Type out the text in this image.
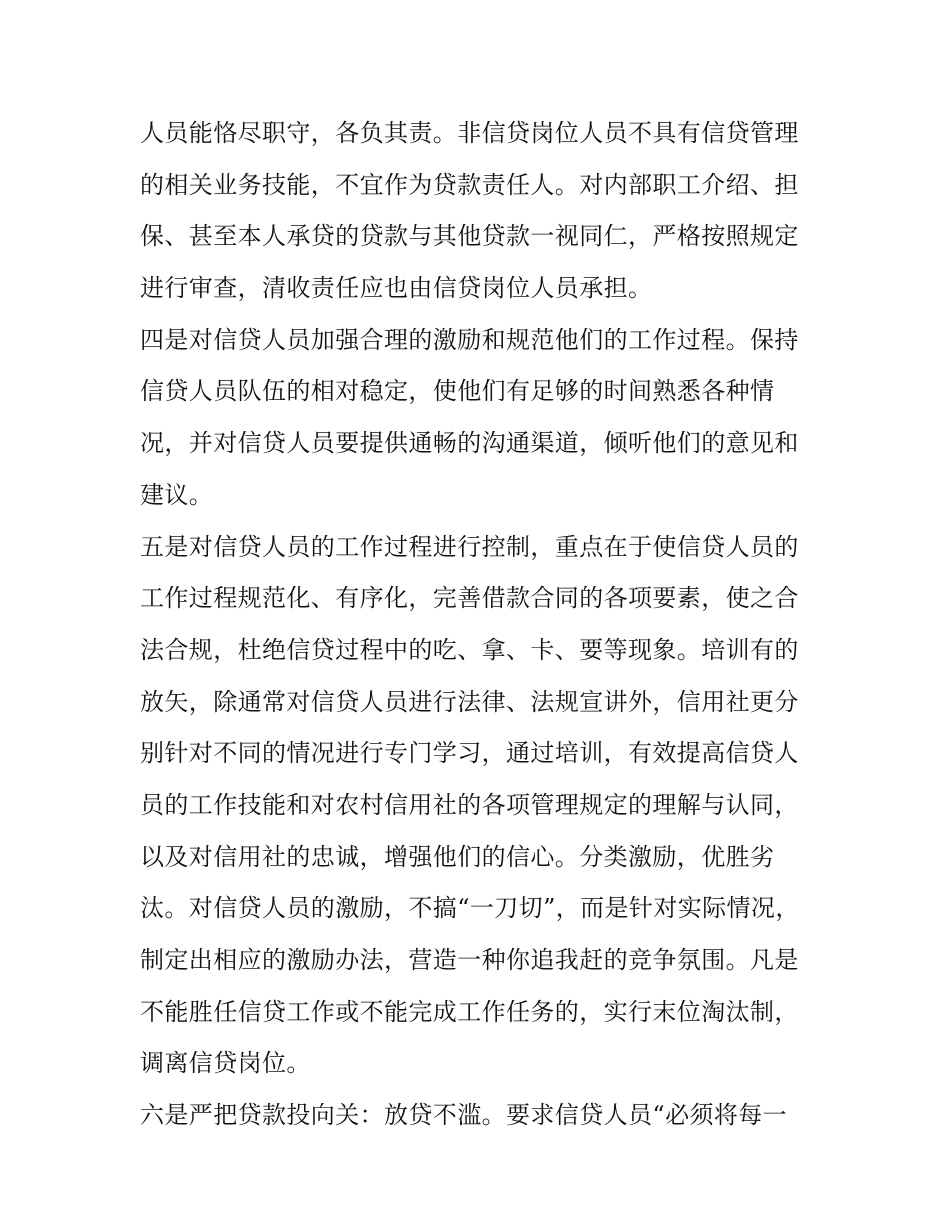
人员能恪尽职守，各负其责。非信贷岗位人员不具有信贷管理
的相关业务技能，不宜作为贷款责任人。对内部职工介绍、担
保、甚至本人承贷的贷款与其他贷款一视同仁，严格按照规定
进行审查，清收责任应也由信贷岗位人员承担。
四是对信贷人员加强合理的激励和规范他们的工作过程。保持
信贷人员队伍的相对稳定，使他们有足够的时间熟悉各种情
况，并对信贷人员要提供通畅的沟通渠道，倾听他们的意见和
建议。
五是对信贷人员的工作过程进行控制，重点在于使信贷人员的
工作过程规范化、有序化，完善借款合同的各项要素，使之合
法合规，杜绝信贷过程中的吃、拿、卡、要等现象。培训有的
放矢，除通常对信贷人员进行法律、法规宣讲外，信用社更分
别针对不同的情况进行专门学习，通过培训，有效提高信贷人
员的工作技能和对农村信用社的各项管理规定的理解与认同，
以及对信用社的忠诚，增强他们的信心。分类激励，优胜劣
汰。对信贷人员的激励，不搞“一刀切”，而是针对实际情况，
制定出相应的激励办法，营造一种你追我赶的竞争氛围。凡是
不能胜任信贷工作或不能完成工作任务的，实行末位淘汰制，
调离信贷岗位。
六是严把贷款投向关：放贷不滥。要求信贷人员“必须将每一
